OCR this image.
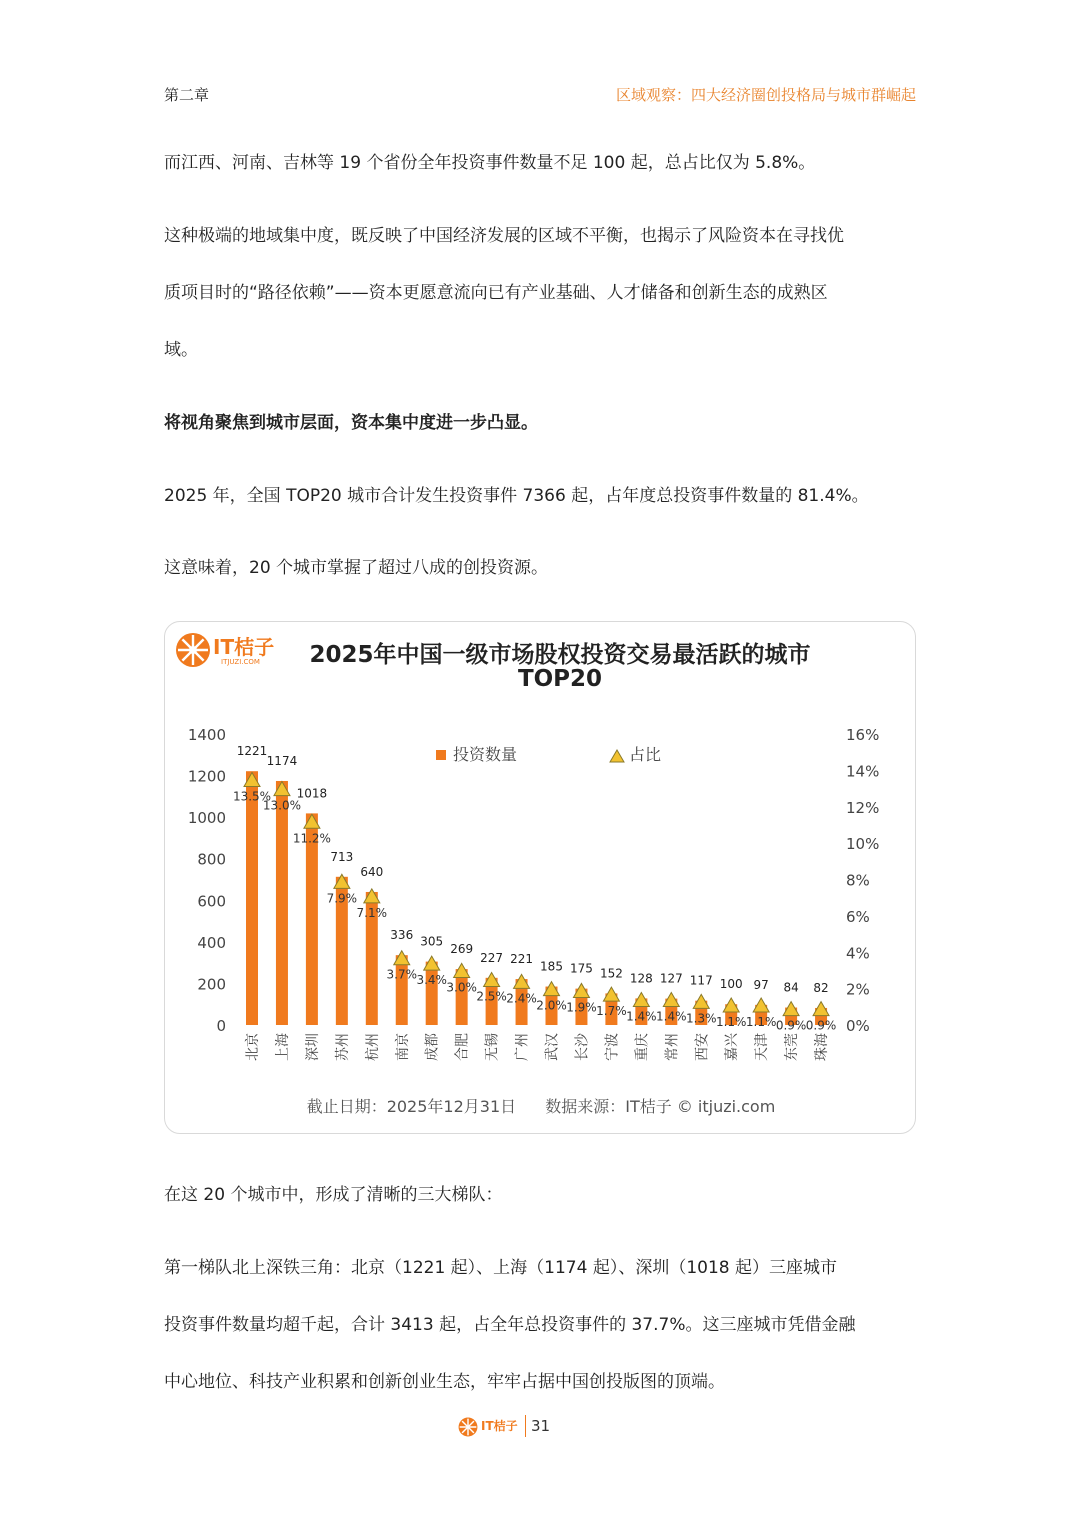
第二章	区域观察：四大经济圈创投格局与城市群崛起
而江西、河南、吉林等 19 个省份全年投资事件数量不足 100 起，总占比仅为 5.8%。
这种极端的地域集中度，既反映了中国经济发展的区域不平衡，也揭示了风险资本在寻找优
质项目时的“路径依赖”——资本更愿意流向已有产业基础、人才储备和创新生态的成熟区
域。
将视角聚焦到城市层面，资本集中度进一步凸显。
2025 年，全国 TOP20 城市合计发生投资事件 7366 起，占年度总投资事件数量的 81.4%。
这意味着，20 个城市掌握了超过八成的创投资源。
IT桔子
ITJUZI.COM	2025年中国一级市场股权投资交易最活跃的城市
TOP20
投资数量	占比
0
200
400
600
800
1000
1200
1400
0%
2%
4%
6%
8%
10%
12%
14%
16%
1221
13.5%
北京
1174
13.0%
上海
1018
11.2%
深圳
713
7.9%
苏州
640
7.1%
杭州
336
3.7%
南京
305
3.4%
成都
269
3.0%
合肥
227
2.5%
无锡
221
2.4%
广州
185
2.0%
武汉
175
1.9%
长沙
152
1.7%
宁波
128
1.4%
重庆
127
1.4%
常州
117
1.3%
西安
100
1.1%
嘉兴
97
1.1%
天津
84
0.9%
东莞
82
0.9%
珠海
截止日期：2025年12月31日 数据来源：IT桔子 © itjuzi.com
在这 20 个城市中，形成了清晰的三大梯队：
第一梯队北上深铁三角：北京（1221 起）、上海（1174 起）、深圳（1018 起）三座城市
投资事件数量均超千起，合计 3413 起，占全年总投资事件的 37.7%。这三座城市凭借金融
中心地位、科技产业积累和创新创业生态，牢牢占据中国创投版图的顶端。
IT桔子 31
